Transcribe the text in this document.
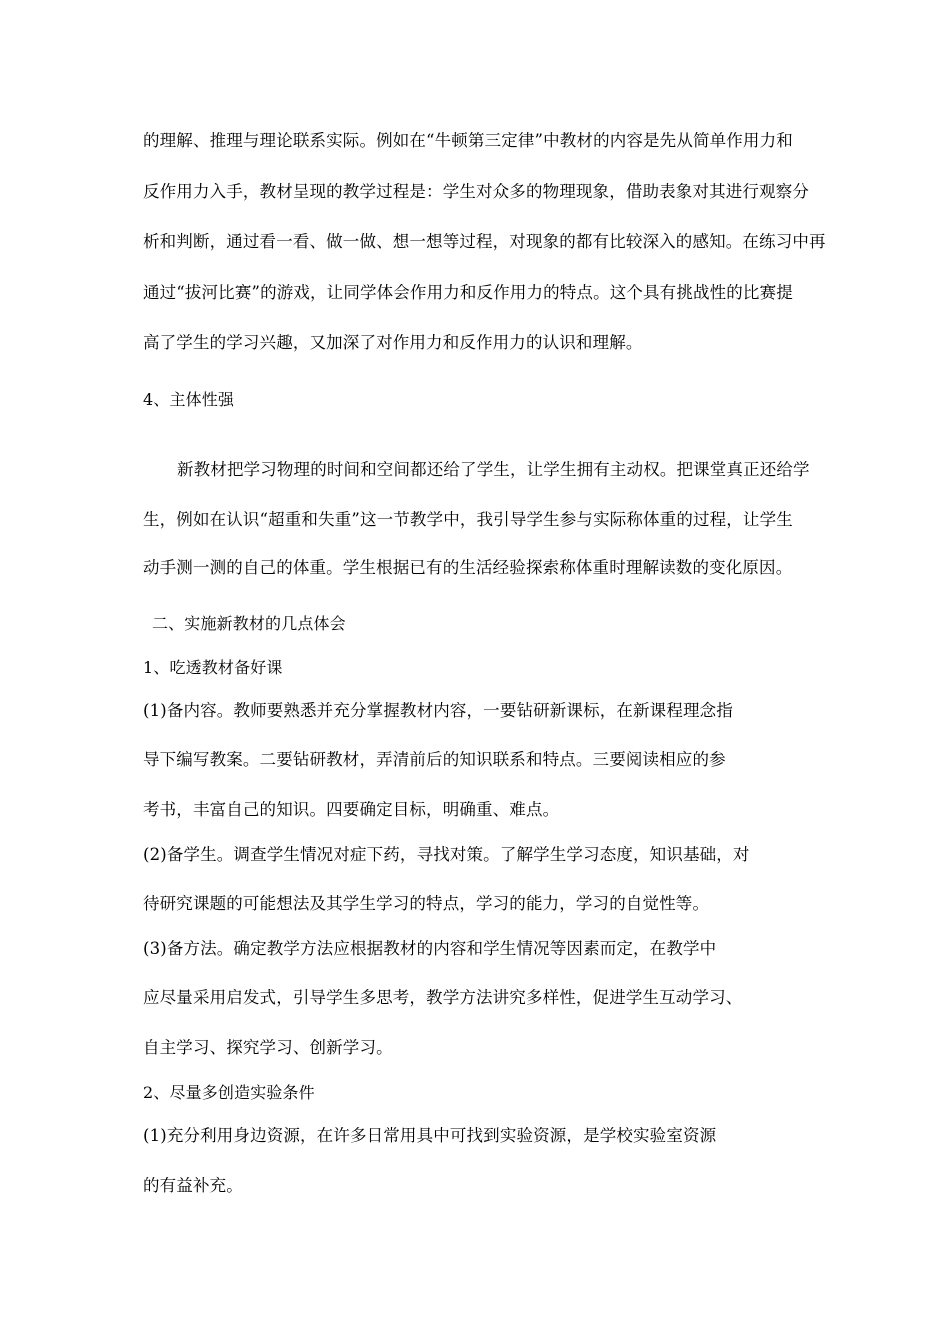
的理解、推理与理论联系实际。例如在“牛顿第三定律”中教材的内容是先从简单作用力和
反作用力入手，教材呈现的教学过程是：学生对众多的物理现象，借助表象对其进行观察分
析和判断，通过看一看、做一做、想一想等过程，对现象的都有比较深入的感知。在练习中再
通过“拔河比赛”的游戏，让同学体会作用力和反作用力的特点。这个具有挑战性的比赛提
高了学生的学习兴趣，又加深了对作用力和反作用力的认识和理解。
4、主体性强
新教材把学习物理的时间和空间都还给了学生，让学生拥有主动权。把课堂真正还给学
生，例如在认识“超重和失重”这一节教学中，我引导学生参与实际称体重的过程，让学生
动手测一测的自己的体重。学生根据已有的生活经验探索称体重时理解读数的变化原因。
二、实施新教材的几点体会
1、吃透教材备好课
(1)备内容。教师要熟悉并充分掌握教材内容，一要钻研新课标，在新课程理念指
导下编写教案。二要钻研教材，弄清前后的知识联系和特点。三要阅读相应的参
考书，丰富自己的知识。四要确定目标，明确重、难点。
(2)备学生。调查学生情况对症下药，寻找对策。了解学生学习态度，知识基础，对
待研究课题的可能想法及其学生学习的特点，学习的能力，学习的自觉性等。
(3)备方法。确定教学方法应根据教材的内容和学生情况等因素而定，在教学中
应尽量采用启发式，引导学生多思考，教学方法讲究多样性，促进学生互动学习、
自主学习、探究学习、创新学习。
2、尽量多创造实验条件
(1)充分利用身边资源，在许多日常用具中可找到实验资源，是学校实验室资源
的有益补充。
